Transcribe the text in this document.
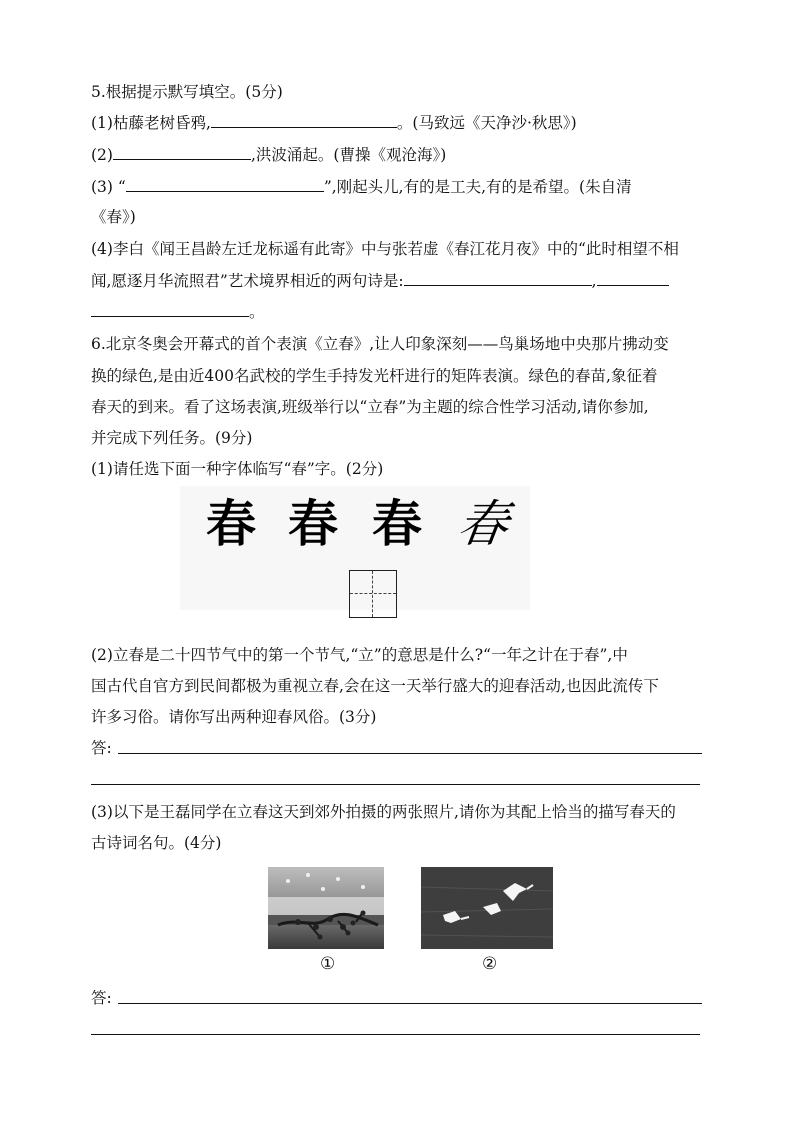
5.根据提示默写填空。(5分)
(1)枯藤老树昏鸦,	。(马致远《天净沙·秋思》)
(2)	,洪波涌起。(曹操《观沧海》)
(3) “	”,刚起头儿,有的是工夫,有的是希望。(朱自清
《春》)
(4)李白《闻王昌龄左迁龙标遥有此寄》中与张若虚《春江花月夜》中的“此时相望不相
闻,愿逐月华流照君”艺术境界相近的两句诗是:	,
。
6.北京冬奥会开幕式的首个表演《立春》,让人印象深刻——鸟巢场地中央那片拂动变
换的绿色,是由近400名武校的学生手持发光杆进行的矩阵表演。绿色的春苗,象征着
春天的到来。看了这场表演,班级举行以“立春”为主题的综合性学习活动,请你参加,
并完成下列任务。(9分)
(1)请任选下面一种字体临写“春”字。(2分)
春 春 春 春
(2)立春是二十四节气中的第一个节气,“立”的意思是什么?“一年之计在于春”,中
国古代自官方到民间都极为重视立春,会在这一天举行盛大的迎春活动,也因此流传下
许多习俗。请你写出两种迎春风俗。(3分)
答:
(3)以下是王磊同学在立春这天到郊外拍摄的两张照片,请你为其配上恰当的描写春天的
古诗词名句。(4分)
①	②
答:
